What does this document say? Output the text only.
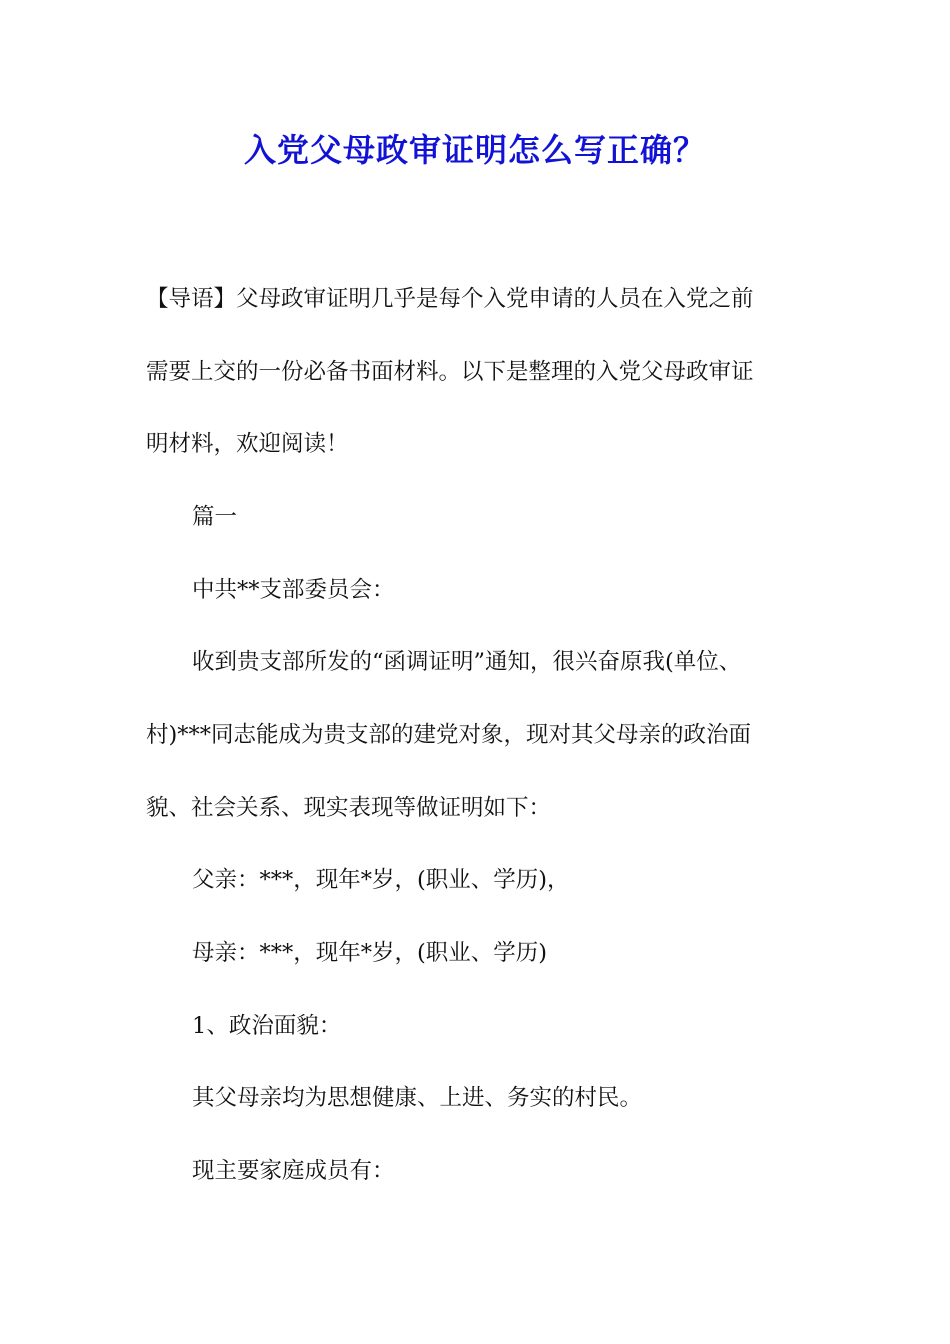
入党父母政审证明怎么写正确？
【导语】父母政审证明几乎是每个入党申请的人员在入党之前
需要上交的一份必备书面材料。以下是整理的入党父母政审证
明材料，欢迎阅读！
篇一
中共**支部委员会：
收到贵支部所发的“函调证明”通知，很兴奋原我(单位、
村)***同志能成为贵支部的建党对象，现对其父母亲的政治面
貌、社会关系、现实表现等做证明如下：
父亲：***，现年*岁，(职业、学历)，
母亲：***，现年*岁，(职业、学历)
1、政治面貌：
其父母亲均为思想健康、上进、务实的村民。
现主要家庭成员有：
